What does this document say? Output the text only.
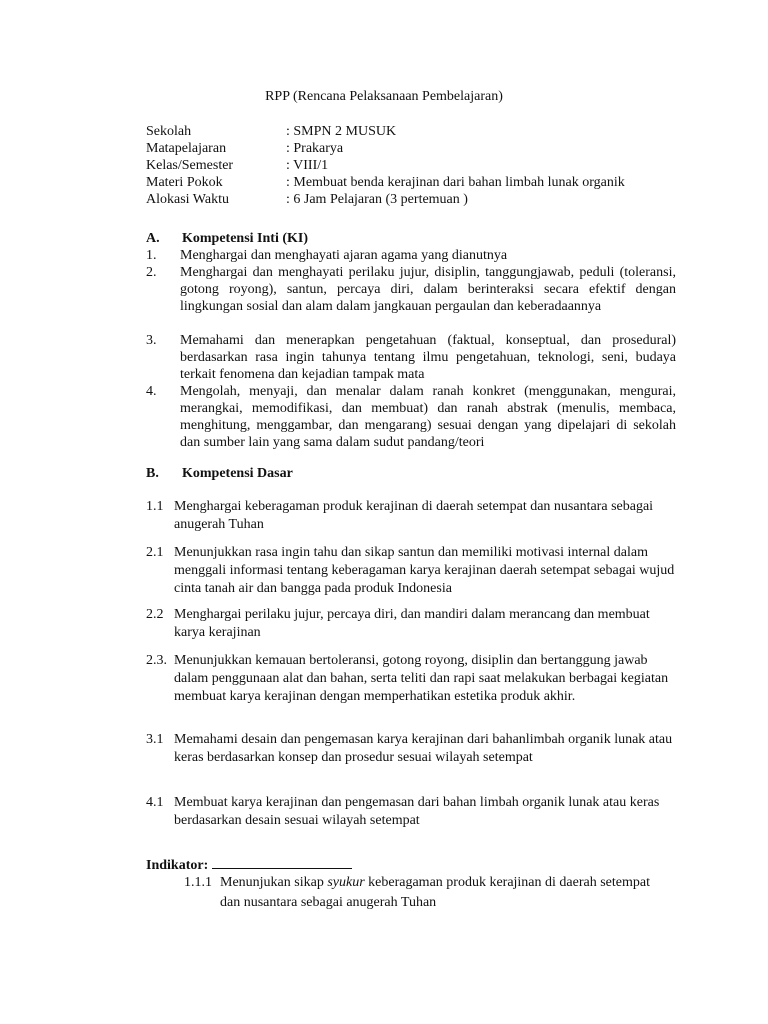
RPP (Rencana Pelaksanaan Pembelajaran)
Sekolah	: SMPN 2 MUSUK
Matapelajaran	: Prakarya
Kelas/Semester	: VIII/1
Materi Pokok	: Membuat benda kerajinan dari bahan limbah lunak organik
Alokasi Waktu	: 6 Jam Pelajaran (3 pertemuan )
A. Kompetensi Inti (KI)
1. Menghargai dan menghayati ajaran agama yang dianutnya
2. Menghargai dan menghayati perilaku jujur, disiplin, tanggungjawab, peduli (toleransi, gotong royong), santun, percaya diri, dalam berinteraksi secara efektif dengan lingkungan sosial dan alam dalam jangkauan pergaulan dan keberadaannya
3. Memahami dan menerapkan pengetahuan (faktual, konseptual, dan prosedural) berdasarkan rasa ingin tahunya tentang ilmu pengetahuan, teknologi, seni, budaya terkait fenomena dan kejadian tampak mata
4. Mengolah, menyaji, dan menalar dalam ranah konkret (menggunakan, mengurai, merangkai, memodifikasi, dan membuat) dan ranah abstrak (menulis, membaca, menghitung, menggambar, dan mengarang) sesuai dengan yang dipelajari di sekolah dan sumber lain yang sama dalam sudut pandang/teori
B. Kompetensi Dasar
1.1 Menghargai keberagaman produk kerajinan di daerah setempat dan nusantara sebagai anugerah Tuhan
2.1 Menunjukkan rasa ingin tahu dan sikap santun dan memiliki motivasi internal dalam menggali informasi tentang keberagaman karya kerajinan daerah setempat sebagai wujud cinta tanah air dan bangga pada produk Indonesia
2.2 Menghargai perilaku jujur, percaya diri, dan mandiri dalam merancang dan membuat karya kerajinan
2.3. Menunjukkan kemauan bertoleransi, gotong royong, disiplin dan bertanggung jawab dalam penggunaan alat dan bahan, serta teliti dan rapi saat melakukan berbagai kegiatan membuat karya kerajinan dengan memperhatikan estetika produk akhir.
3.1 Memahami desain dan pengemasan karya kerajinan dari bahanlimbah organik lunak atau keras berdasarkan konsep dan prosedur sesuai wilayah setempat
4.1 Membuat karya kerajinan dan pengemasan dari bahan limbah organik lunak atau keras berdasarkan desain sesuai wilayah setempat
Indikator:
1.1.1 Menunjukan sikap syukur keberagaman produk kerajinan di daerah setempat dan nusantara sebagai anugerah Tuhan
